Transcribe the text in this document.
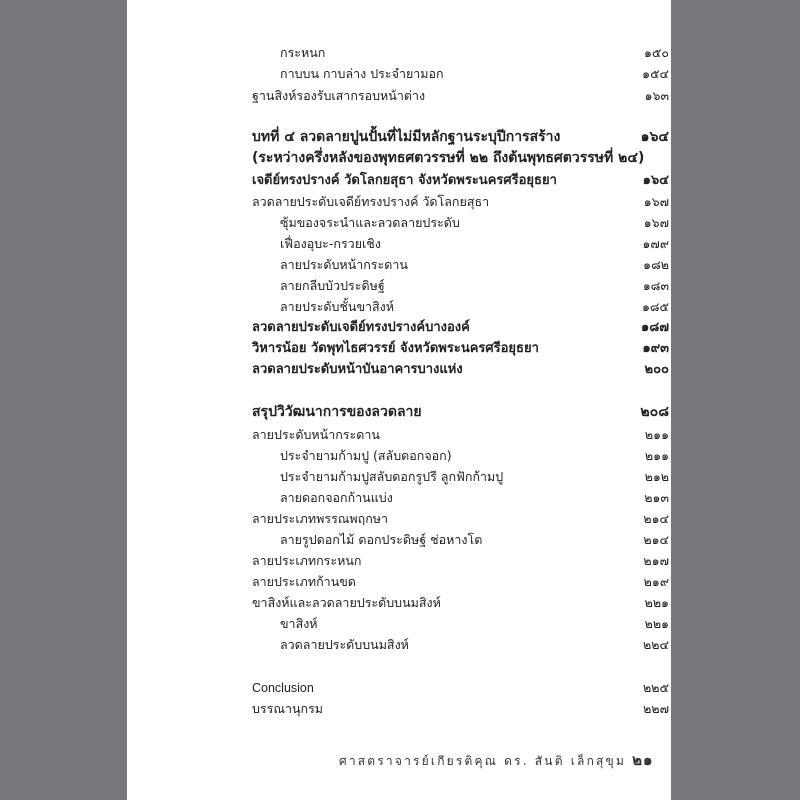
กระหนก	๑๕๐
กาบบน กาบล่าง ประจำยามอก	๑๕๔
ฐานสิงห์รองรับเสากรอบหน้าต่าง	๑๖๓
บทที่ ๔ ลวดลายปูนปั้นที่ไม่มีหลักฐานระบุปีการสร้าง	๑๖๔
(ระหว่างครึ่งหลังของพุทธศตวรรษที่ ๒๒ ถึงต้นพุทธศตวรรษที่ ๒๔)
เจดีย์ทรงปรางค์ วัดโลกยสุธา จังหวัดพระนครศรีอยุธยา	๑๖๔
ลวดลายประดับเจดีย์ทรงปรางค์ วัดโลกยสุธา	๑๖๗
ซุ้มของจระนำและลวดลายประดับ	๑๖๗
เฟื่องอุบะ-กรวยเชิง	๑๗๙
ลายประดับหน้ากระดาน	๑๘๒
ลายกลีบบัวประดิษฐ์	๑๘๓
ลายประดับชั้นขาสิงห์	๑๘๕
ลวดลายประดับเจดีย์ทรงปรางค์บางองค์	๑๘๗
วิหารน้อย วัดพุทไธศวรรย์ จังหวัดพระนครศรีอยุธยา	๑๙๓
ลวดลายประดับหน้าบันอาคารบางแห่ง	๒๐๐
สรุปวิวัฒนาการของลวดลาย	๒๐๘
ลายประดับหน้ากระดาน	๒๑๑
ประจำยามก้ามปู (สลับดอกจอก)	๒๑๑
ประจำยามก้ามปูสลับดอกรูปรี ลูกฟักก้ามปู	๒๑๒
ลายดอกจอกก้านแบ่ง	๒๑๓
ลายประเภทพรรณพฤกษา	๒๑๔
ลายรูปดอกไม้ ดอกประดิษฐ์ ช่อหางโต	๒๑๔
ลายประเภทกระหนก	๒๑๗
ลายประเภทก้านขด	๒๑๙
ขาสิงห์และลวดลายประดับบนมสิงห์	๒๒๑
ขาสิงห์	๒๒๑
ลวดลายประดับบนมสิงห์	๒๒๔
Conclusion	๒๒๕
บรรณานุกรม	๒๒๗
ศาสตราจารย์เกียรติคุณ ดร. สันติ เล็กสุขุม ๒๑
